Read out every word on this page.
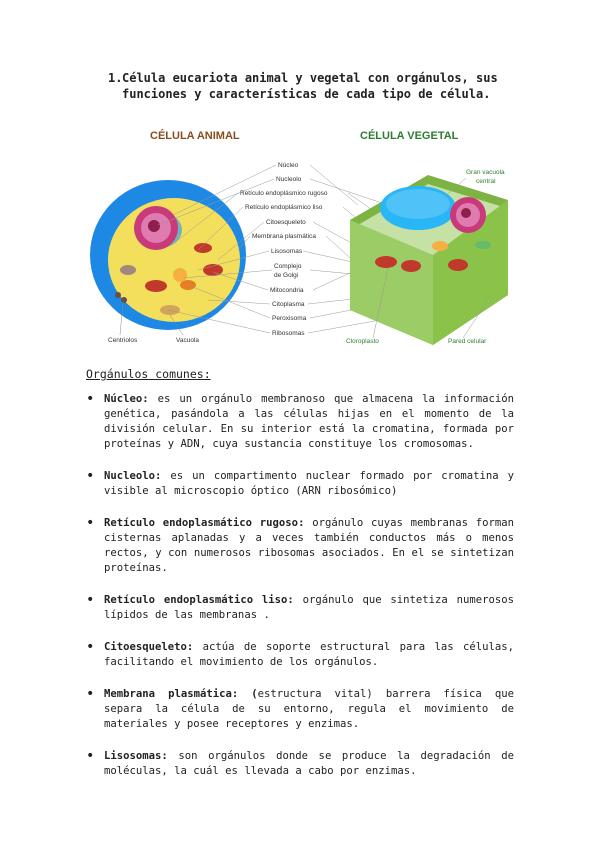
1. Célula eucariota animal y vegetal con orgánulos, sus funciones y características de cada tipo de célula.
CÉLULA ANIMAL	CÉLULA VEGETAL
Centriolos	Vacuola
Núcleo
Nucleolo
Retículo endoplásmico rugoso
Retículo endoplásmico liso
Citoesqueleto
Membrana plasmática
Lisosomas
Complejo
de Golgi
Mitocondria
Citoplasma
Peroxisoma
Ribosomas
Gran vacuola
central
Cloroplasto	Pared celular
Orgánulos comunes:
• Núcleo: es un orgánulo membranoso que almacena la información genética, pasándola a las células hijas en el momento de la división celular. En su interior está la cromatina, formada por proteínas y ADN, cuya sustancia constituye los cromosomas.
• Nucleolo: es un compartimento nuclear formado por cromatina y visible al microscopio óptico (ARN ribosómico)
• Retículo endoplasmático rugoso: orgánulo cuyas membranas forman cisternas aplanadas y a veces también conductos más o menos rectos, y con numerosos ribosomas asociados. En el se sintetizan proteínas.
• Retículo endoplasmático liso: orgánulo que sintetiza numerosos lípidos de las membranas .
• Citoesqueleto: actúa de soporte estructural para las células, facilitando el movimiento de los orgánulos.
• Membrana plasmática: (estructura vital) barrera física que separa la célula de su entorno, regula el movimiento de materiales y posee receptores y enzimas.
• Lisosomas: son orgánulos donde se produce la degradación de moléculas, la cuál es llevada a cabo por enzimas.
